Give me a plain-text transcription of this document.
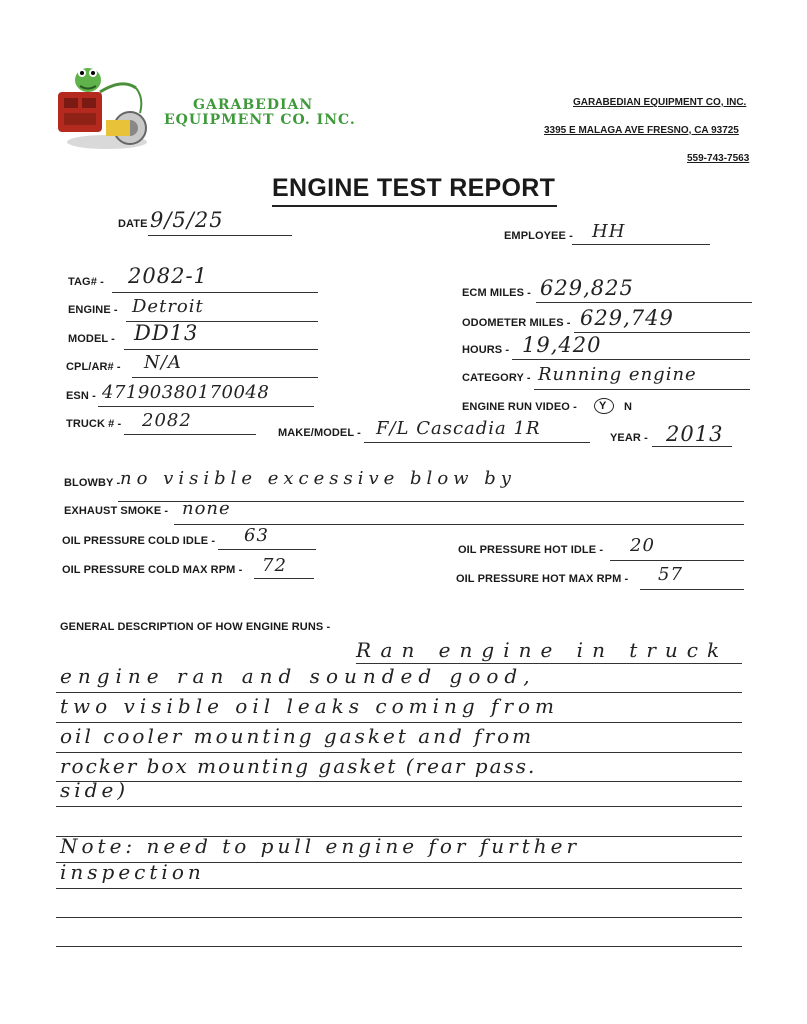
GARABEDIAN
EQUIPMENT CO. INC.
GARABEDIAN EQUIPMENT CO, INC.
3395 E MALAGA AVE FRESNO, CA 93725
559-743-7563
ENGINE TEST REPORT
DATE 9/5/25
EMPLOYEE - HH
TAG# - 2082-1
ENGINE - Detroit
MODEL - DD13
CPL/AR# - N/A
ESN - 47190380170048
TRUCK # - 2082
ECM MILES - 629,825
ODOMETER MILES - 629,749
HOURS - 19,420
CATEGORY - Running engine
ENGINE RUN VIDEO - Y N
MAKE/MODEL - F/L Cascadia 1R	YEAR - 2013
BLOWBY - no visible excessive blow by
EXHAUST SMOKE - none
OIL PRESSURE COLD IDLE - 63
OIL PRESSURE COLD MAX RPM - 72
OIL PRESSURE HOT IDLE - 20
OIL PRESSURE HOT MAX RPM - 57
GENERAL DESCRIPTION OF HOW ENGINE RUNS -
Ran engine in truck
engine ran and sounded good,
two visible oil leaks coming from
oil cooler mounting gasket and from
rocker box mounting gasket (rear pass.
side)
Note: need to pull engine for further
inspection
